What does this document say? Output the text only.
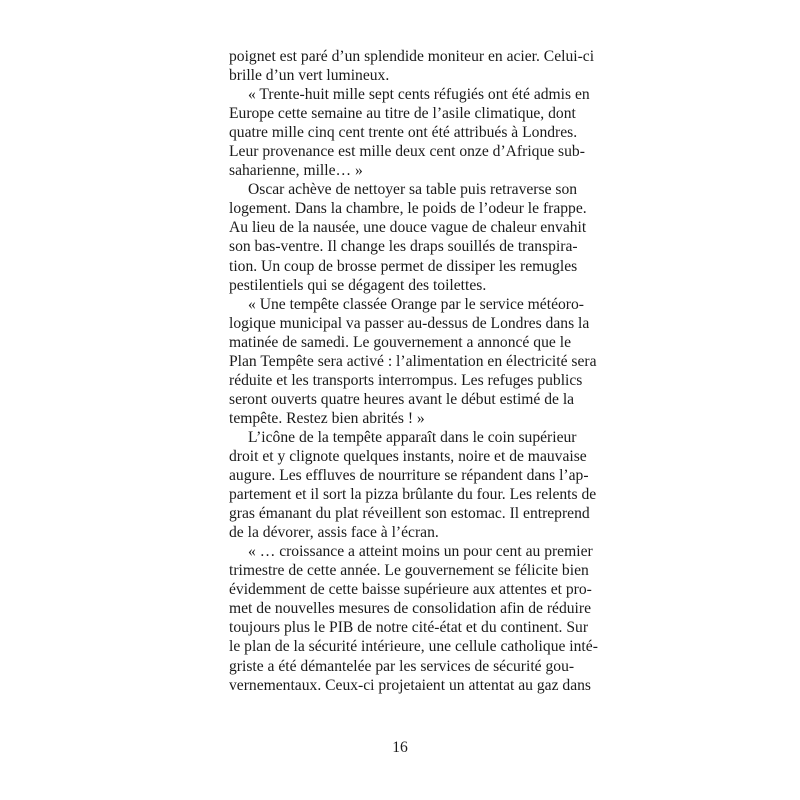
poignet est paré d’un splendide moniteur en acier. Celui-ci
brille d’un vert lumineux.
« Trente-huit mille sept cents réfugiés ont été admis en
Europe cette semaine au titre de l’asile climatique, dont
quatre mille cinq cent trente ont été attribués à Londres.
Leur provenance est mille deux cent onze d’Afrique sub-
saharienne, mille… »
Oscar achève de nettoyer sa table puis retraverse son
logement. Dans la chambre, le poids de l’odeur le frappe.
Au lieu de la nausée, une douce vague de chaleur envahit
son bas-ventre. Il change les draps souillés de transpira-
tion. Un coup de brosse permet de dissiper les remugles
pestilentiels qui se dégagent des toilettes.
« Une tempête classée Orange par le service météoro-
logique municipal va passer au-dessus de Londres dans la
matinée de samedi. Le gouvernement a annoncé que le
Plan Tempête sera activé : l’alimentation en électricité sera
réduite et les transports interrompus. Les refuges publics
seront ouverts quatre heures avant le début estimé de la
tempête. Restez bien abrités ! »
L’icône de la tempête apparaît dans le coin supérieur
droit et y clignote quelques instants, noire et de mauvaise
augure. Les effluves de nourriture se répandent dans l’ap-
partement et il sort la pizza brûlante du four. Les relents de
gras émanant du plat réveillent son estomac. Il entreprend
de la dévorer, assis face à l’écran.
« … croissance a atteint moins un pour cent au premier
trimestre de cette année. Le gouvernement se félicite bien
évidemment de cette baisse supérieure aux attentes et pro-
met de nouvelles mesures de consolidation afin de réduire
toujours plus le PIB de notre cité-état et du continent. Sur
le plan de la sécurité intérieure, une cellule catholique inté-
griste a été démantelée par les services de sécurité gou-
vernementaux. Ceux-ci projetaient un attentat au gaz dans
16
